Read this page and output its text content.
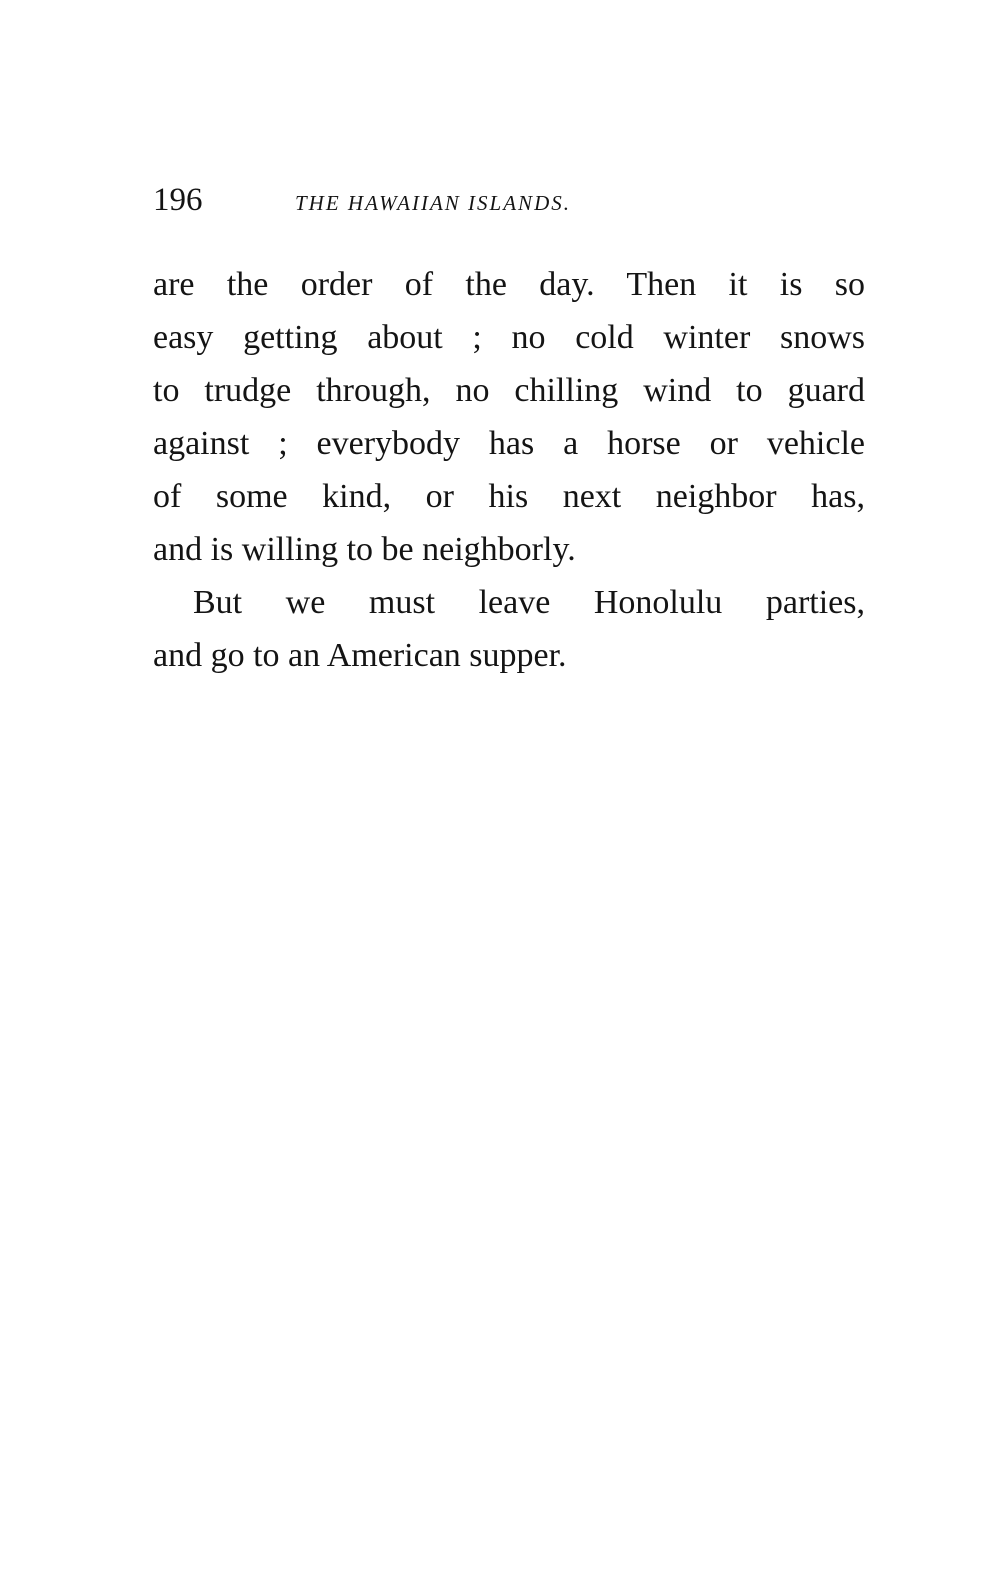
196	THE HAWAIIAN ISLANDS.
are the order of the day. Then it is so
easy getting about ; no cold winter snows
to trudge through, no chilling wind to guard
against ; everybody has a horse or vehicle
of some kind, or his next neighbor has,
and is willing to be neighborly.
But we must leave Honolulu parties,
and go to an American supper.
